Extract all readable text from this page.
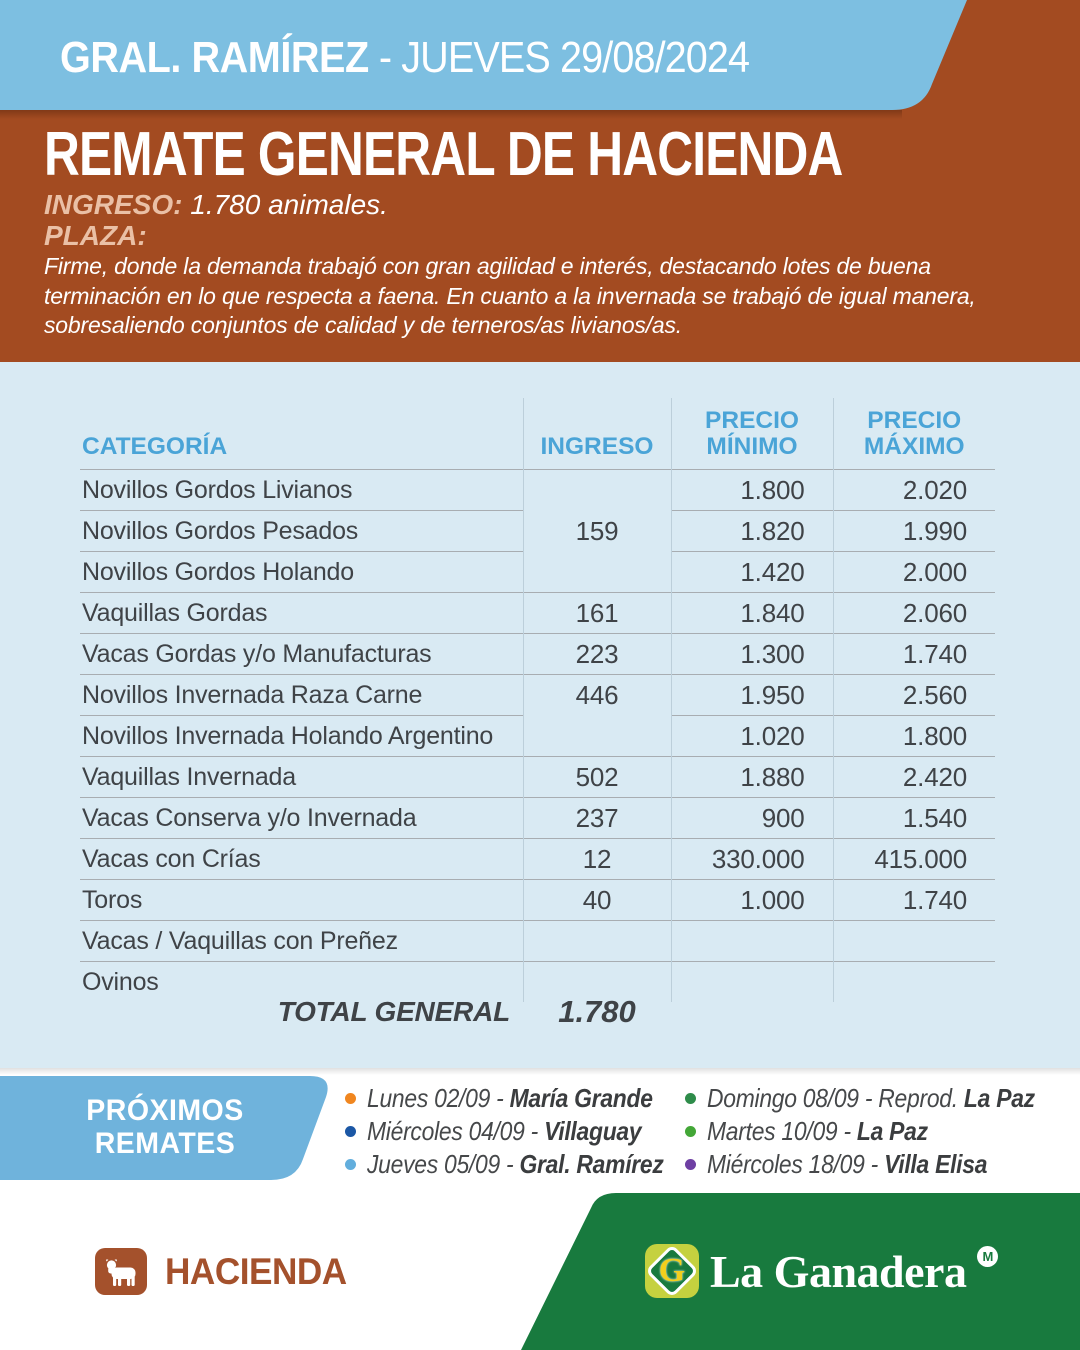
GRAL. RAMÍREZ - JUEVES 29/08/2024
REMATE GENERAL DE HACIENDA
INGRESO: 1.780 animales.
PLAZA:
Firme, donde la demanda trabajó con gran agilidad e interés, destacando lotes de buena terminación en lo que respecta a faena. En cuanto a la invernada se trabajó de igual manera, sobresaliendo conjuntos de calidad y de terneros/as livianos/as.
CATEGORÍA	INGRESO	PRECIO MÍNIMO	PRECIO MÁXIMO
Novillos Gordos Livianos	159	1.800	2.020
Novillos Gordos Pesados		1.820	1.990
Novillos Gordos Holando		1.420	2.000
Vaquillas Gordas	161	1.840	2.060
Vacas Gordas y/o Manufacturas	223	1.300	1.740
Novillos Invernada Raza Carne	446	1.950	2.560
Novillos Invernada Holando Argentino		1.020	1.800
Vaquillas Invernada	502	1.880	2.420
Vacas Conserva y/o Invernada	237	900	1.540
Vacas con Crías	12	330.000	415.000
Toros	40	1.000	1.740
Vacas / Vaquillas con Preñez			
Ovinos			
TOTAL GENERAL	1.780
PRÓXIMOS
REMATES
Lunes 02/09 - María Grande
Miércoles 04/09 - Villaguay
Jueves 05/09 - Gral. Ramírez
Domingo 08/09 - Reprod. La Paz
Martes 10/09 - La Paz
Miércoles 18/09 - Villa Elisa
HACIENDA	G La Ganadera	M
